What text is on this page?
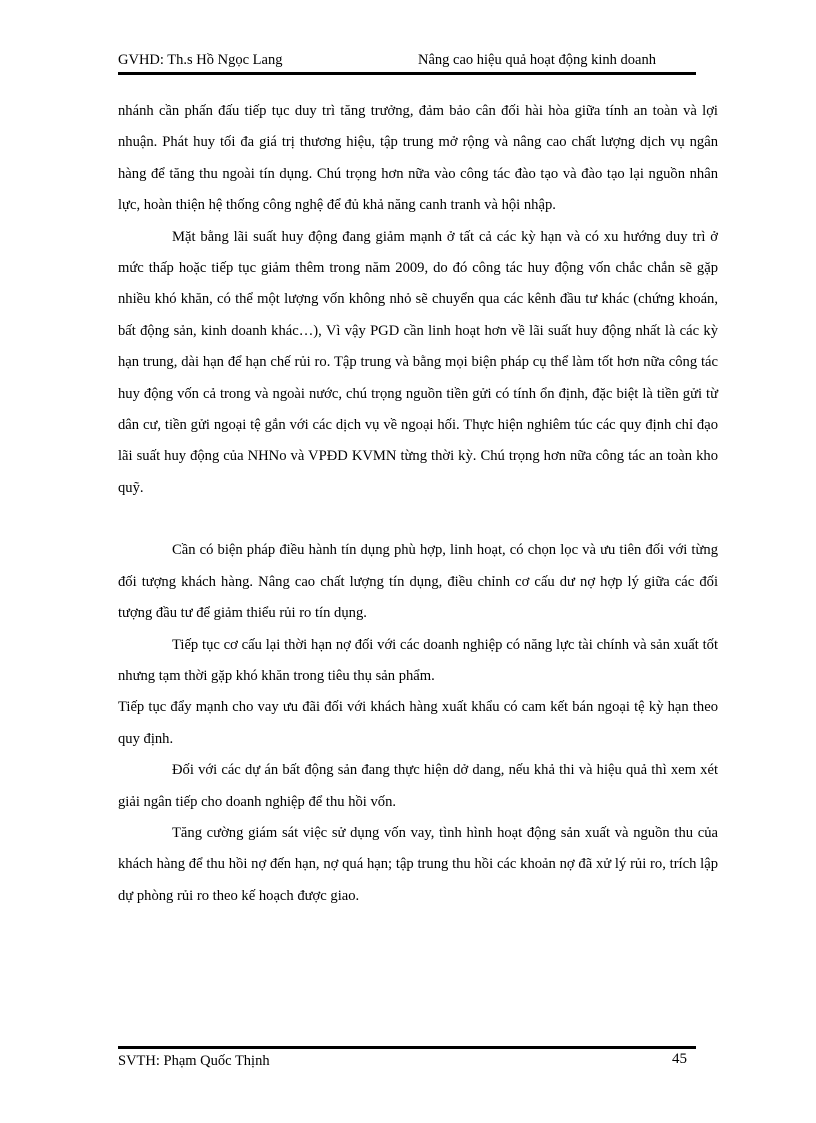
GVHD: Th.s Hồ Ngọc Lang	Nâng cao hiệu quả hoạt động kinh doanh

nhánh cần phấn đấu tiếp tục duy trì tăng trưởng, đảm bảo cân đối hài hòa giữa tính an toàn và lợi nhuận. Phát huy tối đa giá trị thương hiệu, tập trung mở rộng và nâng cao chất lượng dịch vụ ngân hàng để tăng thu ngoài tín dụng. Chú trọng hơn nữa vào công tác đào tạo và đào tạo lại nguồn nhân lực, hoàn thiện hệ thống công nghệ để đủ khả năng canh tranh và hội nhập.

Mặt bằng lãi suất huy động đang giảm mạnh ở tất cả các kỳ hạn và có xu hướng duy trì ở mức thấp hoặc tiếp tục giảm thêm trong năm 2009, do đó công tác huy động vốn chắc chắn sẽ gặp nhiều khó khăn, có thể một lượng vốn không nhỏ sẽ chuyển qua các kênh đầu tư khác (chứng khoán, bất động sản, kinh doanh khác…), Vì vậy PGD cần linh hoạt hơn về lãi suất huy động nhất là các kỳ hạn trung, dài hạn để hạn chế rủi ro. Tập trung và bằng mọi biện pháp cụ thể làm tốt hơn nữa công tác huy động vốn cả trong và ngoài nước, chú trọng nguồn tiền gửi có tính ổn định, đặc biệt là tiền gửi từ dân cư, tiền gửi ngoại tệ gắn với các dịch vụ về ngoại hối. Thực hiện nghiêm túc các quy định chỉ đạo lãi suất huy động của NHNo và VPĐD KVMN từng thời kỳ. Chú trọng hơn nữa công tác an toàn kho quỹ.

Cần có biện pháp điều hành tín dụng phù hợp, linh hoạt, có chọn lọc và ưu tiên đối với từng đối tượng khách hàng. Nâng cao chất lượng tín dụng, điều chỉnh cơ cấu dư nợ hợp lý giữa các đối tượng đầu tư để giảm thiểu rủi ro tín dụng.

Tiếp tục cơ cấu lại thời hạn nợ đối với các doanh nghiệp có năng lực tài chính và sản xuất tốt nhưng tạm thời gặp khó khăn trong tiêu thụ sản phẩm.

Tiếp tục đẩy mạnh cho vay ưu đãi đối với khách hàng xuất khẩu có cam kết bán ngoại tệ kỳ hạn theo quy định.

Đối với các dự án bất động sản đang thực hiện dở dang, nếu khả thi và hiệu quả thì xem xét giải ngân tiếp cho doanh nghiệp để thu hồi vốn.

Tăng cường giám sát việc sử dụng vốn vay, tình hình hoạt động sản xuất và nguồn thu của khách hàng để thu hồi nợ đến hạn, nợ quá hạn; tập trung thu hồi các khoản nợ đã xử lý rủi ro, trích lập dự phòng rủi ro theo kế hoạch được giao.

SVTH: Phạm Quốc Thịnh	45
